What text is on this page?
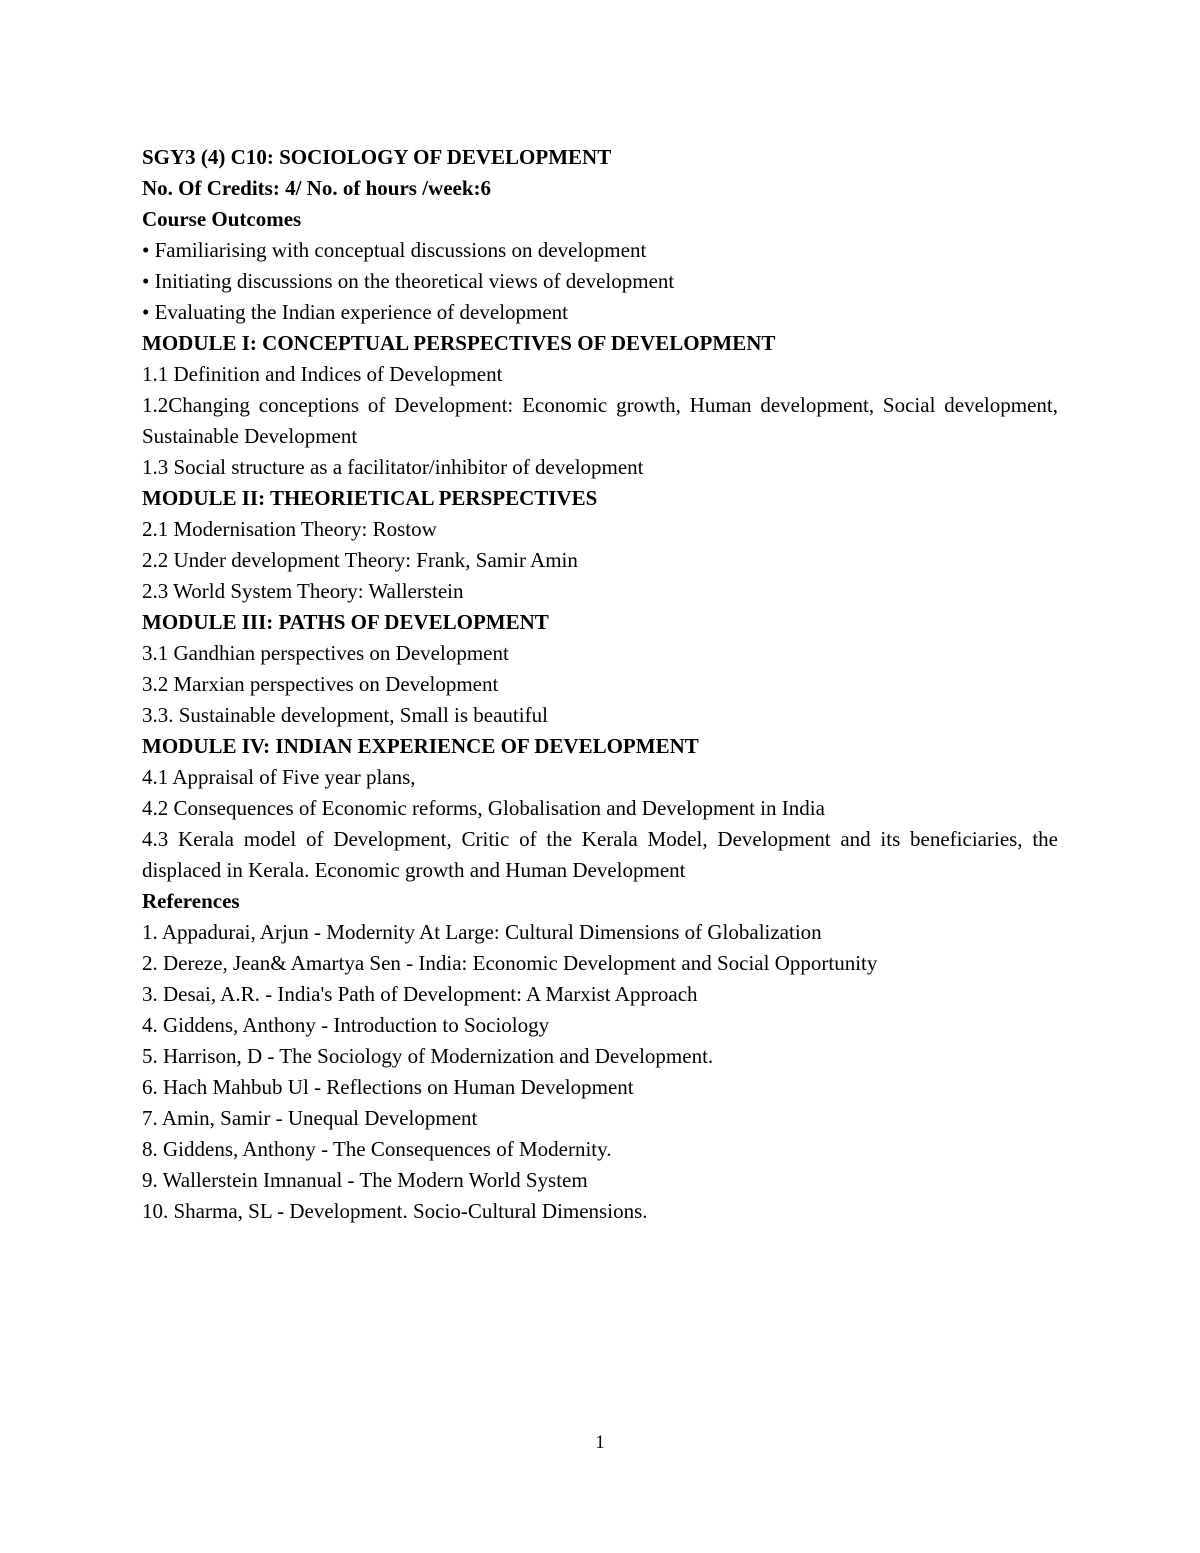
SGY3 (4) C10: SOCIOLOGY OF DEVELOPMENT

No. Of Credits: 4/ No. of hours /week:6

Course Outcomes

• Familiarising with conceptual discussions on development

• Initiating discussions on the theoretical views of development

• Evaluating the Indian experience of development

MODULE I: CONCEPTUAL PERSPECTIVES OF DEVELOPMENT

1.1 Definition and Indices of Development

1.2Changing conceptions of Development: Economic growth, Human development, Social development, Sustainable Development

1.3 Social structure as a facilitator/inhibitor of development

MODULE II: THEORIETICAL PERSPECTIVES

2.1 Modernisation Theory: Rostow

2.2 Under development Theory: Frank, Samir Amin

2.3 World System Theory: Wallerstein

MODULE III: PATHS OF DEVELOPMENT

3.1 Gandhian perspectives on Development

3.2 Marxian perspectives on Development

3.3. Sustainable development, Small is beautiful

MODULE IV: INDIAN EXPERIENCE OF DEVELOPMENT

4.1 Appraisal of Five year plans,

4.2 Consequences of Economic reforms, Globalisation and Development in India

4.3 Kerala model of Development, Critic of the Kerala Model, Development and its beneficiaries, the displaced in Kerala. Economic growth and Human Development

References

1. Appadurai, Arjun - Modernity At Large: Cultural Dimensions of Globalization

2. Dereze, Jean& Amartya Sen - India: Economic Development and Social Opportunity

3. Desai, A.R. - India's Path of Development: A Marxist Approach

4. Giddens, Anthony - Introduction to Sociology

5. Harrison, D - The Sociology of Modernization and Development.

6. Hach Mahbub Ul - Reflections on Human Development

7. Amin, Samir - Unequal Development

8. Giddens, Anthony - The Consequences of Modernity.

9. Wallerstein Imnanual - The Modern World System

10. Sharma, SL - Development. Socio-Cultural Dimensions.

1
